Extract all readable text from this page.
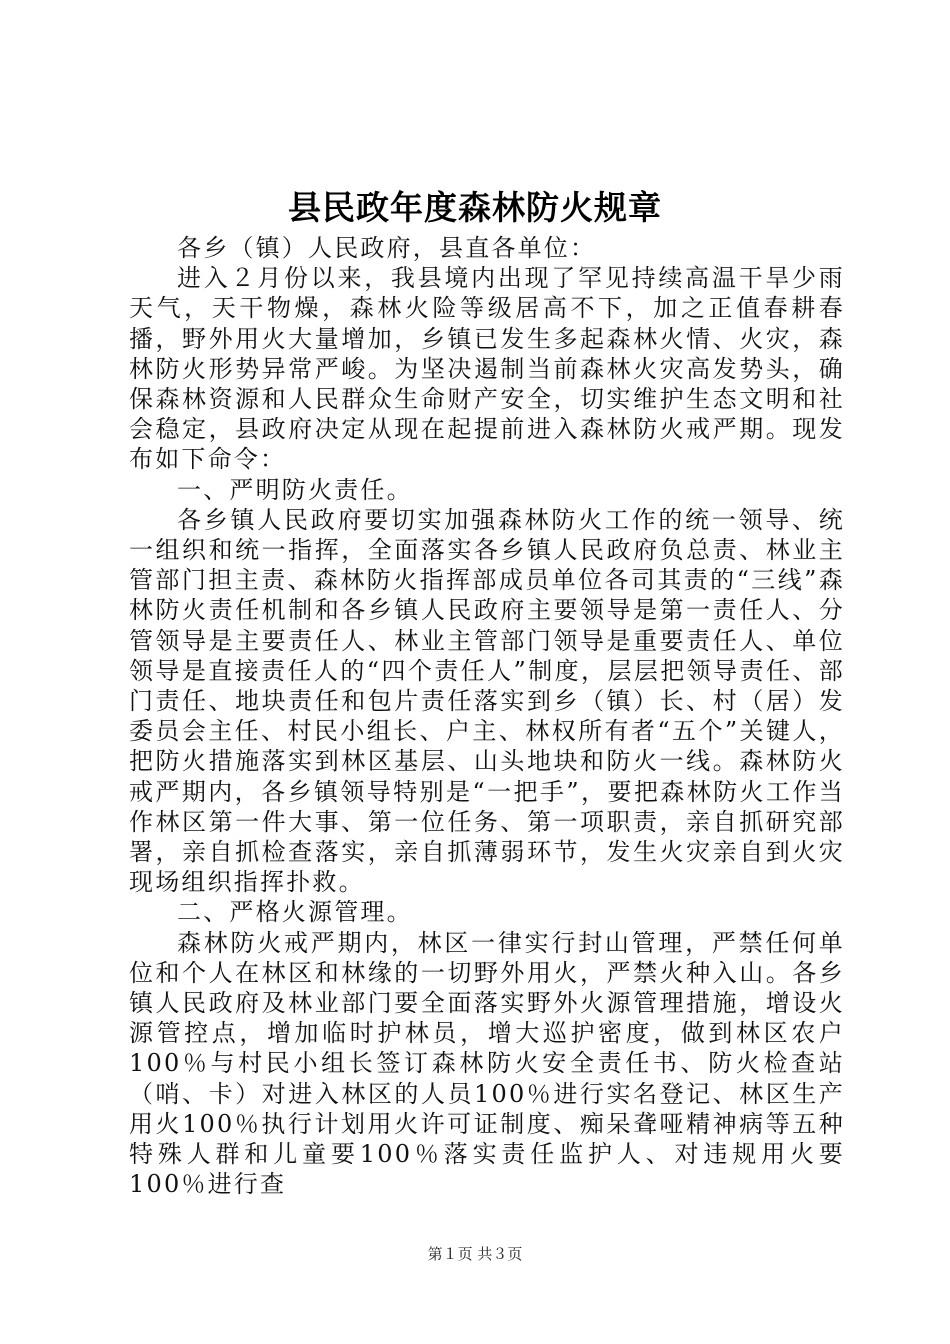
县民政年度森林防火规章

各乡（镇）人民政府，县直各单位：

进入２月份以来，我县境内出现了罕见持续高温干旱少雨天气，天干物燥，森林火险等级居高不下，加之正值春耕春播，野外用火大量增加，乡镇已发生多起森林火情、火灾，森林防火形势异常严峻。为坚决遏制当前森林火灾高发势头，确保森林资源和人民群众生命财产安全，切实维护生态文明和社会稳定，县政府决定从现在起提前进入森林防火戒严期。现发布如下命令：

一、严明防火责任。

各乡镇人民政府要切实加强森林防火工作的统一领导、统一组织和统一指挥，全面落实各乡镇人民政府负总责、林业主管部门担主责、森林防火指挥部成员单位各司其责的“三线”森林防火责任机制和各乡镇人民政府主要领导是第一责任人、分管领导是主要责任人、林业主管部门领导是重要责任人、单位领导是直接责任人的“四个责任人”制度，层层把领导责任、部门责任、地块责任和包片责任落实到乡（镇）长、村（居）发委员会主任、村民小组长、户主、林权所有者“五个”关键人，把防火措施落实到林区基层、山头地块和防火一线。森林防火戒严期内，各乡镇领导特别是“一把手”，要把森林防火工作当作林区第一件大事、第一位任务、第一项职责，亲自抓研究部署，亲自抓检查落实，亲自抓薄弱环节，发生火灾亲自到火灾现场组织指挥扑救。

二、严格火源管理。

森林防火戒严期内，林区一律实行封山管理，严禁任何单位和个人在林区和林缘的一切野外用火，严禁火种入山。各乡镇人民政府及林业部门要全面落实野外火源管理措施，增设火源管控点，增加临时护林员，增大巡护密度，做到林区农户100％与村民小组长签订森林防火安全责任书、防火检查站（哨、卡）对进入林区的人员100％进行实名登记、林区生产用火100％执行计划用火许可证制度、痴呆聋哑精神病等五种特殊人群和儿童要100％落实责任监护人、对违规用火要100％进行查

第１页 共３页
